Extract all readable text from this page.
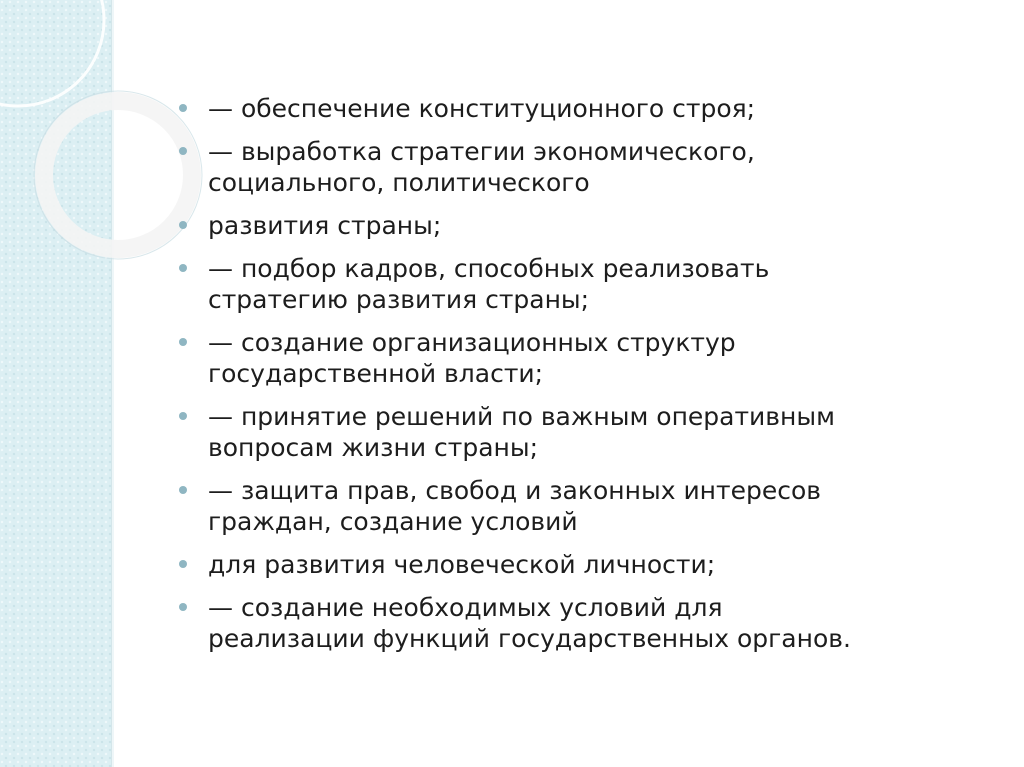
— обеспечение конституционного строя;
— выработка стратегии экономического,
социального, политического
развития страны;
— подбор кадров, способных реализовать
стратегию развития страны;
— создание организационных структур
государственной власти;
— принятие решений по важным оперативным
вопросам жизни страны;
— защита прав, свобод и законных интересов
граждан, создание условий
для развития человеческой личности;
— создание необходимых условий для
реализации функций государственных органов.
